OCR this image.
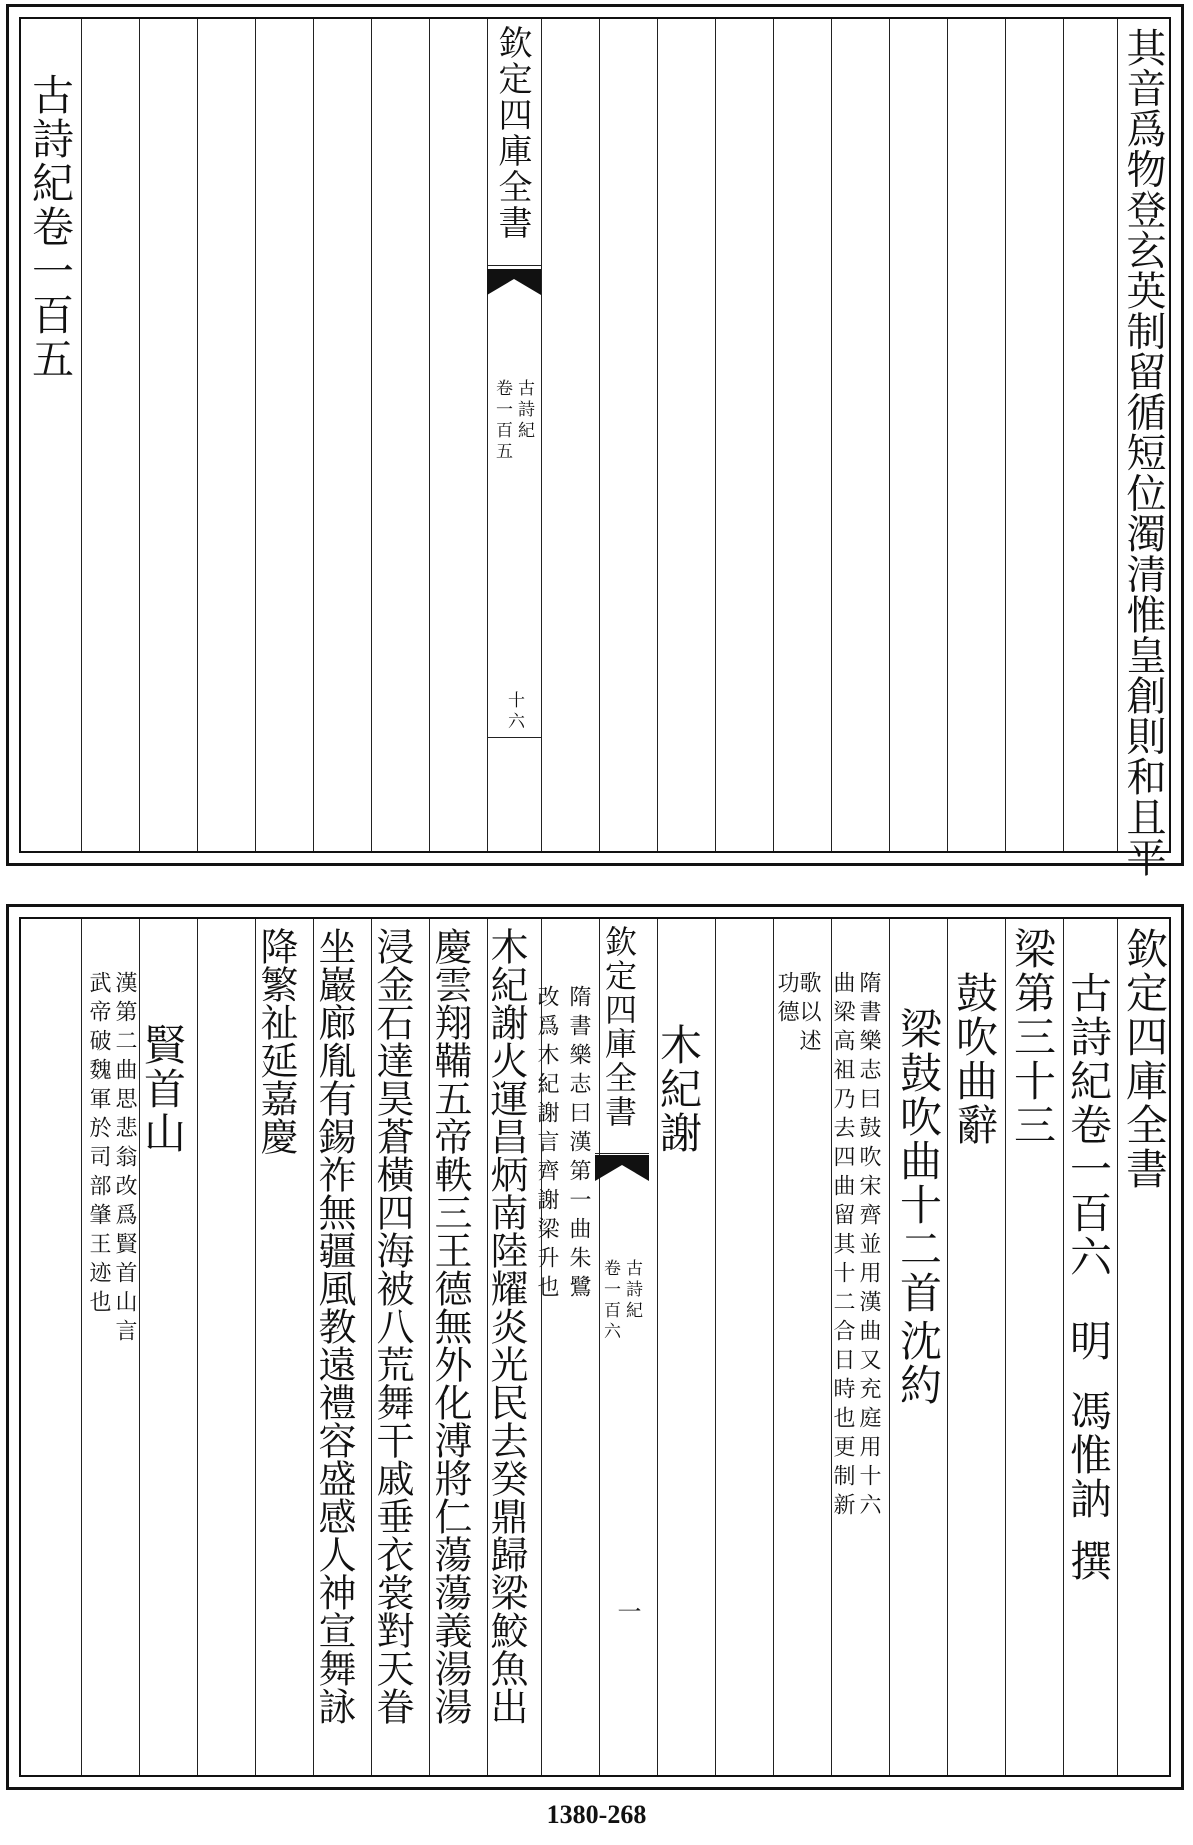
其音爲物登玄英制留循短位濁清惟皇創則和且平
欽定四庫全書
古詩紀
卷一百五
十六
古詩紀卷一百五
欽定四庫全書
古詩紀卷一百六
梁第三十三
鼓吹曲辭
梁鼓吹曲十二首
隋書樂志曰鼓吹宋齊並用漢曲又充庭用十六
曲梁高祖乃去四曲留其十二合日時也更制新
歌以述
功德
木紀謝
明
馮惟訥
撰
沈約
欽定四庫全書
古詩紀
卷一百六
一
隋書樂志曰漢第一曲朱鷺
改爲木紀謝言齊謝梁升也
木紀謝火運昌炳南陸耀炎光民去癸鼎歸梁鮫魚出
慶雲翔鞴五帝軼三王德無外化溥將仁蕩蕩義湯湯
浸金石達昊蒼橫四海被八荒舞干戚垂衣裳對天眷
坐巖廊胤有錫祚無疆風教遠禮容盛感人神宣舞詠
降繁祉延嘉慶
賢首山
漢第二曲思悲翁改爲賢首山言
武帝破魏軍於司部肇王迹也
1380-268
